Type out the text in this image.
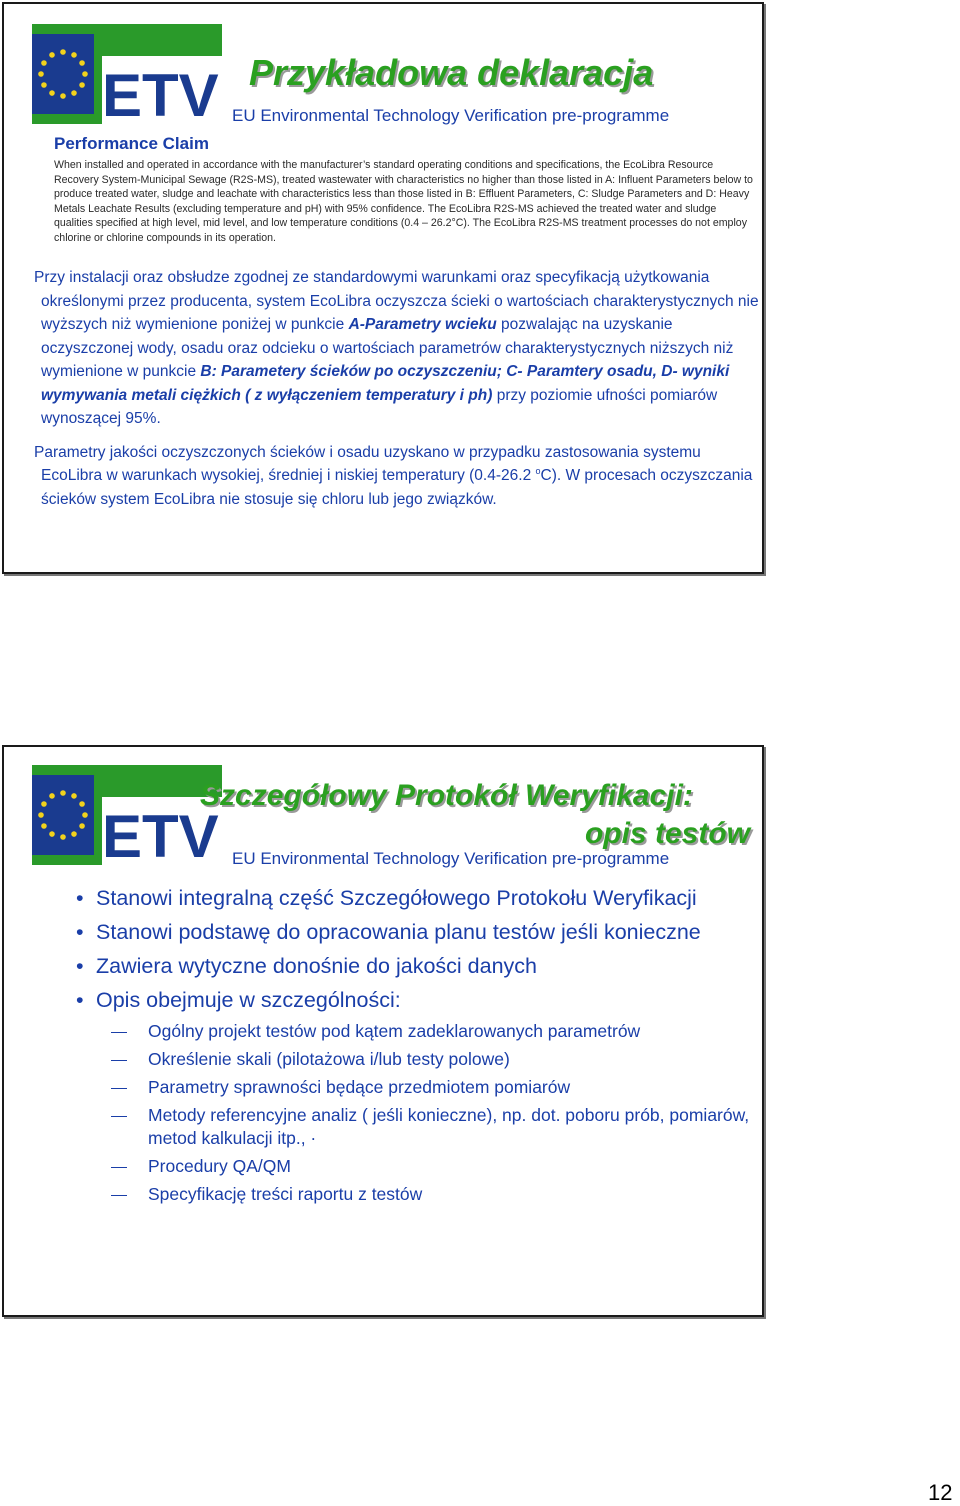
ETV Przykładowa deklaracja
EU Environmental Technology Verification pre-programme
Performance Claim
When installed and operated in accordance with the manufacturer’s standard operating conditions and specifications, the EcoLibra Resource Recovery System-Municipal Sewage (R2S-MS), treated wastewater with characteristics no higher than those listed in A: Influent Parameters below to produce treated water, sludge and leachate with characteristics less than those listed in B: Effluent Parameters, C: Sludge Parameters and D: Heavy Metals Leachate Results (excluding temperature and pH) with 95% confidence. The EcoLibra R2S-MS achieved the treated water and sludge qualities specified at high level, mid level, and low temperature conditions (0.4 – 26.2°C). The EcoLibra R2S-MS treatment processes do not employ chlorine or chlorine compounds in its operation.

Przy instalacji oraz obsłudze zgodnej ze standardowymi warunkami oraz specyfikacją użytkowania określonymi przez producenta, system EcoLibra oczyszcza ścieki o wartościach charakterystycznych nie wyższych niż wymienione poniżej w punkcie A-Parametry wcieku pozwalając na uzyskanie oczyszczonej wody, osadu oraz odcieku o wartościach parametrów charakterystycznych niższych niż wymienione w punkcie B: Parametery ścieków po oczyszczeniu; C- Paramtery osadu, D- wyniki wymywania metali ciężkich ( z wyłączeniem temperatury i ph) przy poziomie ufności pomiarów wynoszącej 95%.

Parametry jakości oczyszczonych ścieków i osadu uzyskano w przypadku zastosowania systemu EcoLibra w warunkach wysokiej, średniej i niskiej temperatury (0.4-26.2 $^o$C). W procesach oczyszczania ścieków system EcoLibra nie stosuje się chloru lub jego związków.

ETV
Szczegółowy Protokół Weryfikacji:
opis testów
EU Environmental Technology Verification pre-programme
• Stanowi integralną część Szczegółowego Protokołu Weryfikacji
• Stanowi podstawę do opracowania planu testów jeśli konieczne
• Zawiera wytyczne donośnie do jakości danych
• Opis obejmuje w szczególności:
Ogólny projekt testów pod kątem zadeklarowanych parametrów
Określenie skali (pilotażowa i/lub testy polowe)
Parametry sprawności będące przedmiotem pomiarów
Metody referencyjne analiz ( jeśli konieczne), np. dot. poboru prób, pomiarów, metod kalkulacji itp., ·
Procedury QA/QM
Specyfikację treści raportu z testów
12
